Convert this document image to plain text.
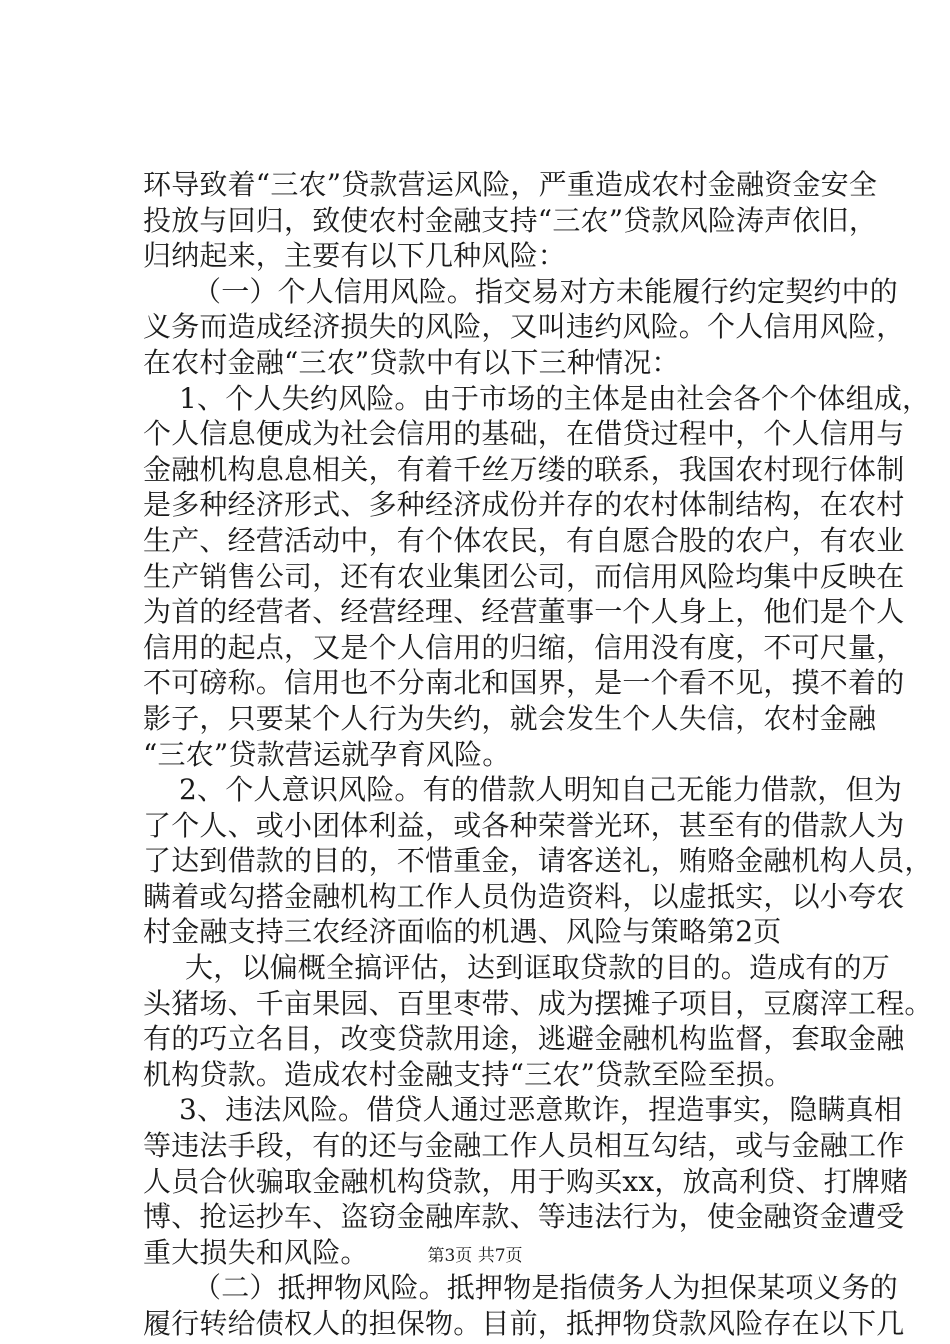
环导致着“三农”贷款营运风险，严重造成农村金融资金安全
投放与回归，致使农村金融支持“三农”贷款风险涛声依旧，
归纳起来，主要有以下几种风险：
（一）个人信用风险。指交易对方未能履行约定契约中的
义务而造成经济损失的风险，又叫违约风险。个人信用风险，
在农村金融“三农”贷款中有以下三种情况：
1、个人失约风险。由于市场的主体是由社会各个个体组成，
个人信息便成为社会信用的基础，在借贷过程中，个人信用与
金融机构息息相关，有着千丝万缕的联系，我国农村现行体制
是多种经济形式、多种经济成份并存的农村体制结构，在农村
生产、经营活动中，有个体农民，有自愿合股的农户，有农业
生产销售公司，还有农业集团公司，而信用风险均集中反映在
为首的经营者、经营经理、经营董事一个人身上，他们是个人
信用的起点，又是个人信用的归缩，信用没有度，不可尺量，
不可磅称。信用也不分南北和国界，是一个看不见，摸不着的
影子，只要某个人行为失约，就会发生个人失信，农村金融
“三农”贷款营运就孕育风险。
2、个人意识风险。有的借款人明知自己无能力借款，但为
了个人、或小团体利益，或各种荣誉光环，甚至有的借款人为
了达到借款的目的，不惜重金，请客送礼，贿赂金融机构人员，
瞒着或勾搭金融机构工作人员伪造资料，以虚抵实，以小夸农
村金融支持三农经济面临的机遇、风险与策略第2页
大，以偏概全搞评估，达到诓取贷款的目的。造成有的万
头猪场、千亩果园、百里枣带、成为摆摊子项目，豆腐滓工程。
有的巧立名目，改变贷款用途，逃避金融机构监督，套取金融
机构贷款。造成农村金融支持“三农”贷款至险至损。
3、违法风险。借贷人通过恶意欺诈，捏造事实，隐瞒真相
等违法手段，有的还与金融工作人员相互勾结，或与金融工作
人员合伙骗取金融机构贷款，用于购买xx，放高利贷、打牌赌
博、抢运抄车、盗窃金融库款、等违法行为，使金融资金遭受
重大损失和风险。
（二）抵押物风险。抵押物是指债务人为担保某项义务的
履行转给债权人的担保物。目前，抵押物贷款风险存在以下几
第3页 共7页
